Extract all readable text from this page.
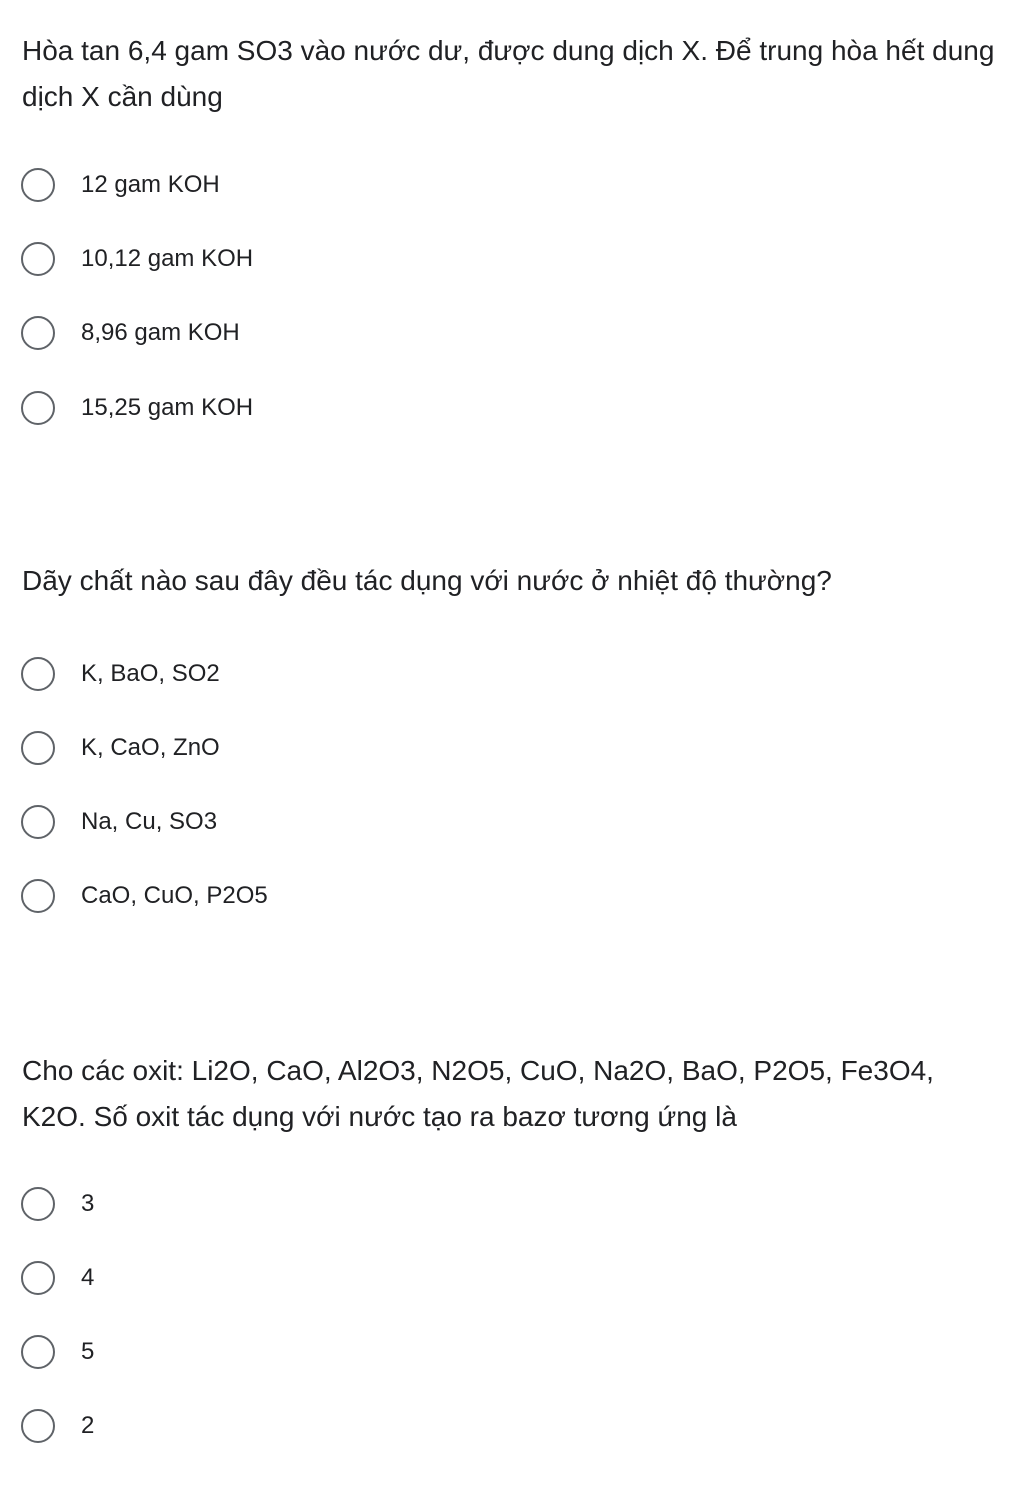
Hòa tan 6,4 gam SO3 vào nước dư, được dung dịch X. Để trung hòa hết dung dịch X cần dùng

12 gam KOH
10,12 gam KOH
8,96 gam KOH
15,25 gam KOH

Dãy chất nào sau đây đều tác dụng với nước ở nhiệt độ thường?

K, BaO, SO2
K, CaO, ZnO
Na, Cu, SO3
CaO, CuO, P2O5

Cho các oxit: Li2O, CaO, Al2O3, N2O5, CuO, Na2O, BaO, P2O5, Fe3O4, K2O. Số oxit tác dụng với nước tạo ra bazơ tương ứng là

3
4
5
2
